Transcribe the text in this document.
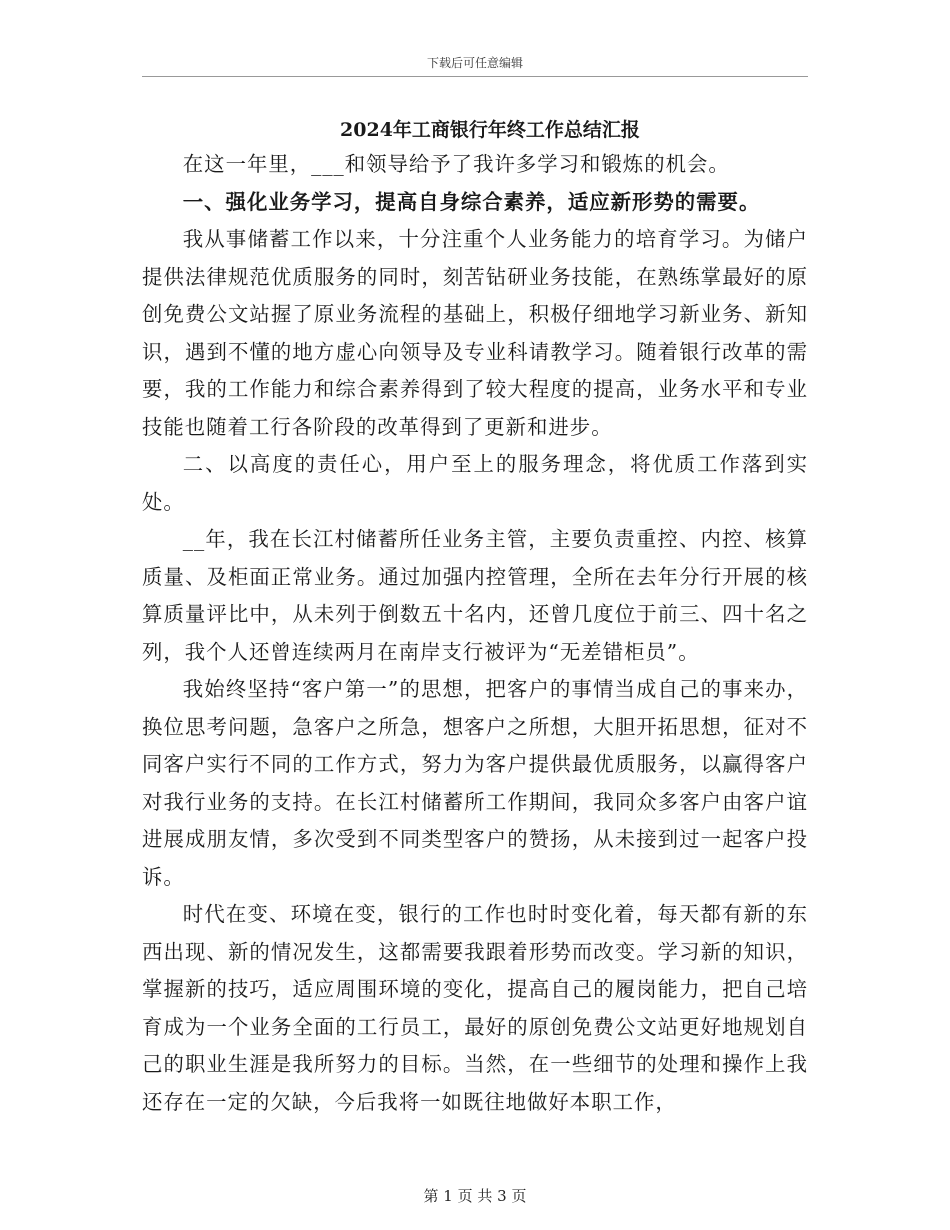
下载后可任意编辑
2024年工商银行年终工作总结汇报

在这一年里，___和领导给予了我许多学习和锻炼的机会。

一、强化业务学习，提高自身综合素养，适应新形势的需要。

我从事储蓄工作以来，十分注重个人业务能力的培育学习。为储户提供法律规范优质服务的同时，刻苦钻研业务技能，在熟练掌最好的原创免费公文站握了原业务流程的基础上，积极仔细地学习新业务、新知识，遇到不懂的地方虚心向领导及专业科请教学习。随着银行改革的需要，我的工作能力和综合素养得到了较大程度的提高，业务水平和专业技能也随着工行各阶段的改革得到了更新和进步。

二、以高度的责任心，用户至上的服务理念，将优质工作落到实处。

__年，我在长江村储蓄所任业务主管，主要负责重控、内控、核算质量、及柜面正常业务。通过加强内控管理，全所在去年分行开展的核算质量评比中，从未列于倒数五十名内，还曾几度位于前三、四十名之列，我个人还曾连续两月在南岸支行被评为“无差错柜员”。

我始终坚持“客户第一”的思想，把客户的事情当成自己的事来办，换位思考问题，急客户之所急，想客户之所想，大胆开拓思想，征对不同客户实行不同的工作方式，努力为客户提供最优质服务，以赢得客户对我行业务的支持。在长江村储蓄所工作期间，我同众多客户由客户谊进展成朋友情，多次受到不同类型客户的赞扬，从未接到过一起客户投诉。

时代在变、环境在变，银行的工作也时时变化着，每天都有新的东西出现、新的情况发生，这都需要我跟着形势而改变。学习新的知识，掌握新的技巧，适应周围环境的变化，提高自己的履岗能力，把自己培育成为一个业务全面的工行员工，最好的原创免费公文站更好地规划自己的职业生涯是我所努力的目标。当然，在一些细节的处理和操作上我还存在一定的欠缺，今后我将一如既往地做好本职工作，

第 1 页 共 3 页
